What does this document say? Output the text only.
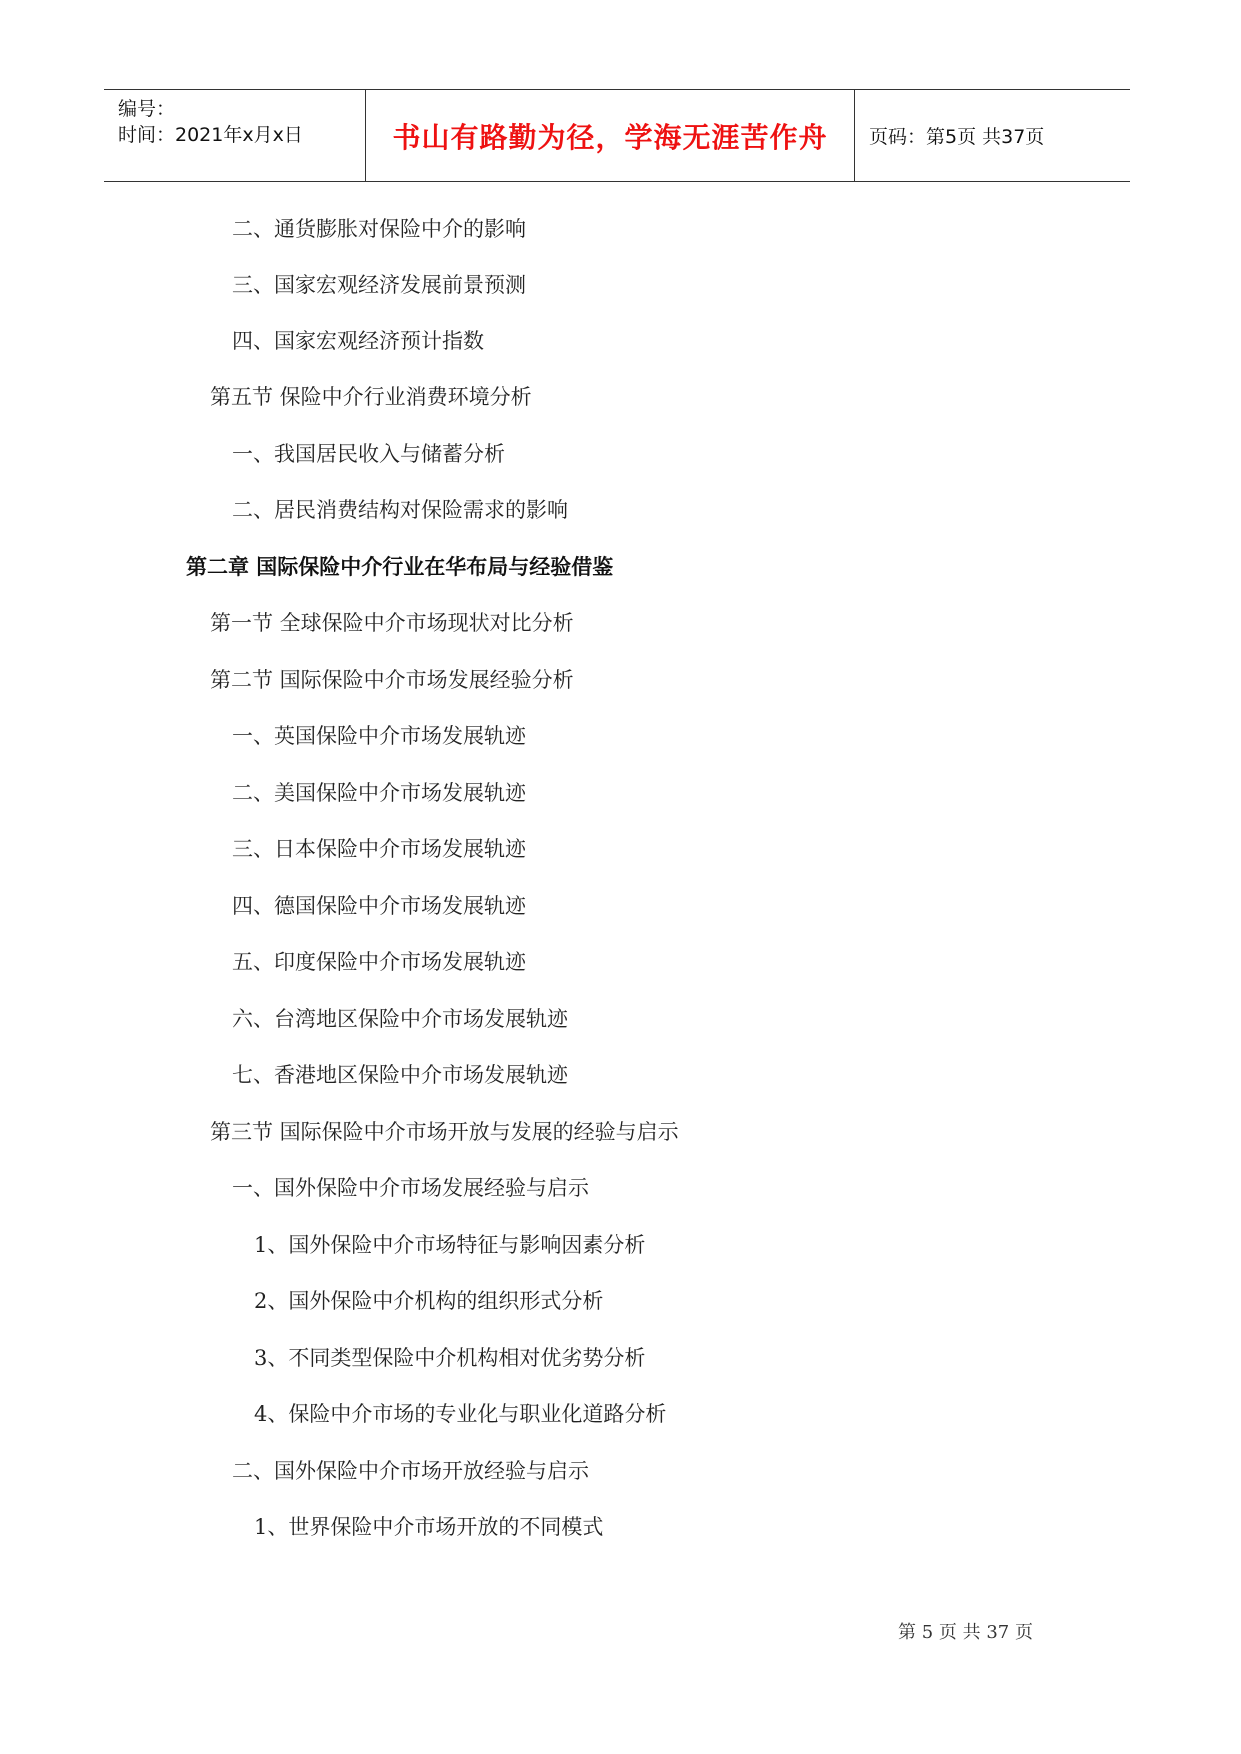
编号：
时间：2021年x月x日	书山有路勤为径，学海无涯苦作舟	页码：第5页 共37页
二、通货膨胀对保险中介的影响
三、国家宏观经济发展前景预测
四、国家宏观经济预计指数
第五节 保险中介行业消费环境分析
一、我国居民收入与储蓄分析
二、居民消费结构对保险需求的影响
第二章 国际保险中介行业在华布局与经验借鉴
第一节 全球保险中介市场现状对比分析
第二节 国际保险中介市场发展经验分析
一、英国保险中介市场发展轨迹
二、美国保险中介市场发展轨迹
三、日本保险中介市场发展轨迹
四、德国保险中介市场发展轨迹
五、印度保险中介市场发展轨迹
六、台湾地区保险中介市场发展轨迹
七、香港地区保险中介市场发展轨迹
第三节 国际保险中介市场开放与发展的经验与启示
一、国外保险中介市场发展经验与启示
1、国外保险中介市场特征与影响因素分析
2、国外保险中介机构的组织形式分析
3、不同类型保险中介机构相对优劣势分析
4、保险中介市场的专业化与职业化道路分析
二、国外保险中介市场开放经验与启示
1、世界保险中介市场开放的不同模式
第 5 页 共 37 页
